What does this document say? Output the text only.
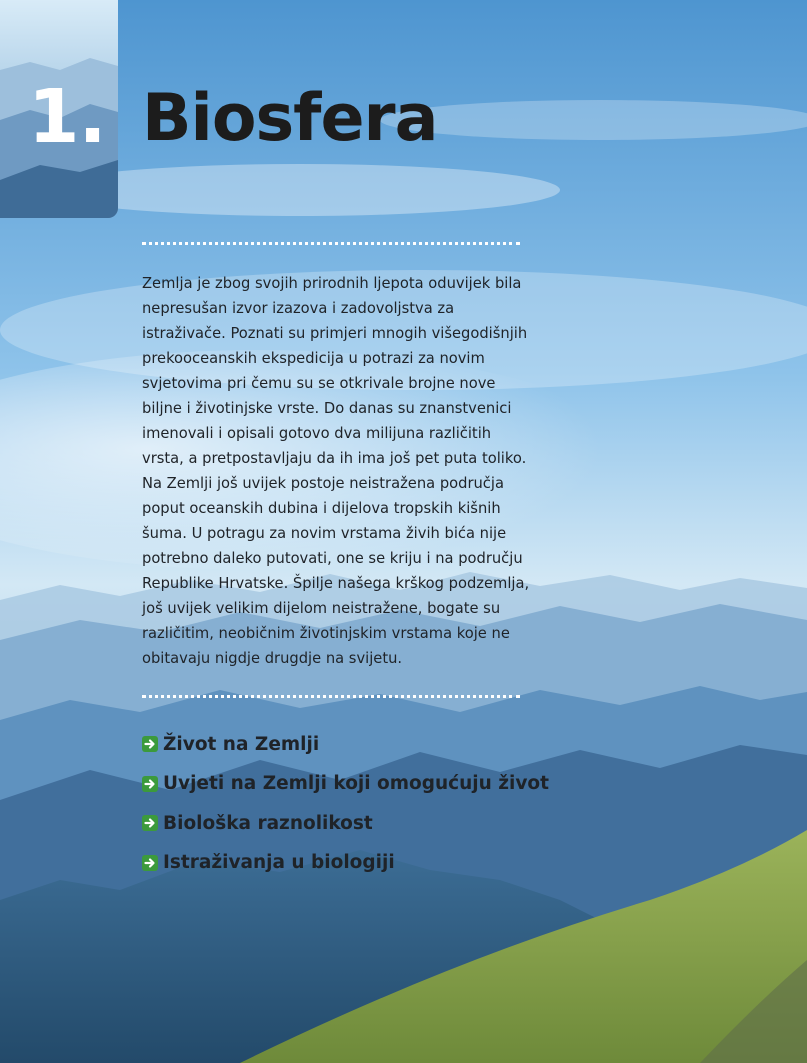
1. Biosfera

Zemlja je zbog svojih prirodnih ljepota oduvijek bila nepresušan izvor izazova i zadovoljstva za istraživače. Poznati su primjeri mnogih višegodišnjih prekooceanskih ekspedicija u potrazi za novim svjetovima pri čemu su se otkrivale brojne nove biljne i životinjske vrste. Do danas su znanstvenici imenovali i opisali gotovo dva milijuna različitih vrsta, a pretpostavljaju da ih ima još pet puta toliko. Na Zemlji još uvijek postoje neistražena područja poput oceanskih dubina i dijelova tropskih kišnih šuma. U potragu za novim vrstama živih bića nije potrebno daleko putovati, one se kriju i na području Republike Hrvatske. Špilje našega krškog podzemlja, još uvijek velikim dijelom neistražene, bogate su različitim, neobičnim životinjskim vrstama koje ne obitavaju nigdje drugdje na svijetu.

Život na Zemlji
Uvjeti na Zemlji koji omogućuju život
Biološka raznolikost
Istraživanja u biologiji
